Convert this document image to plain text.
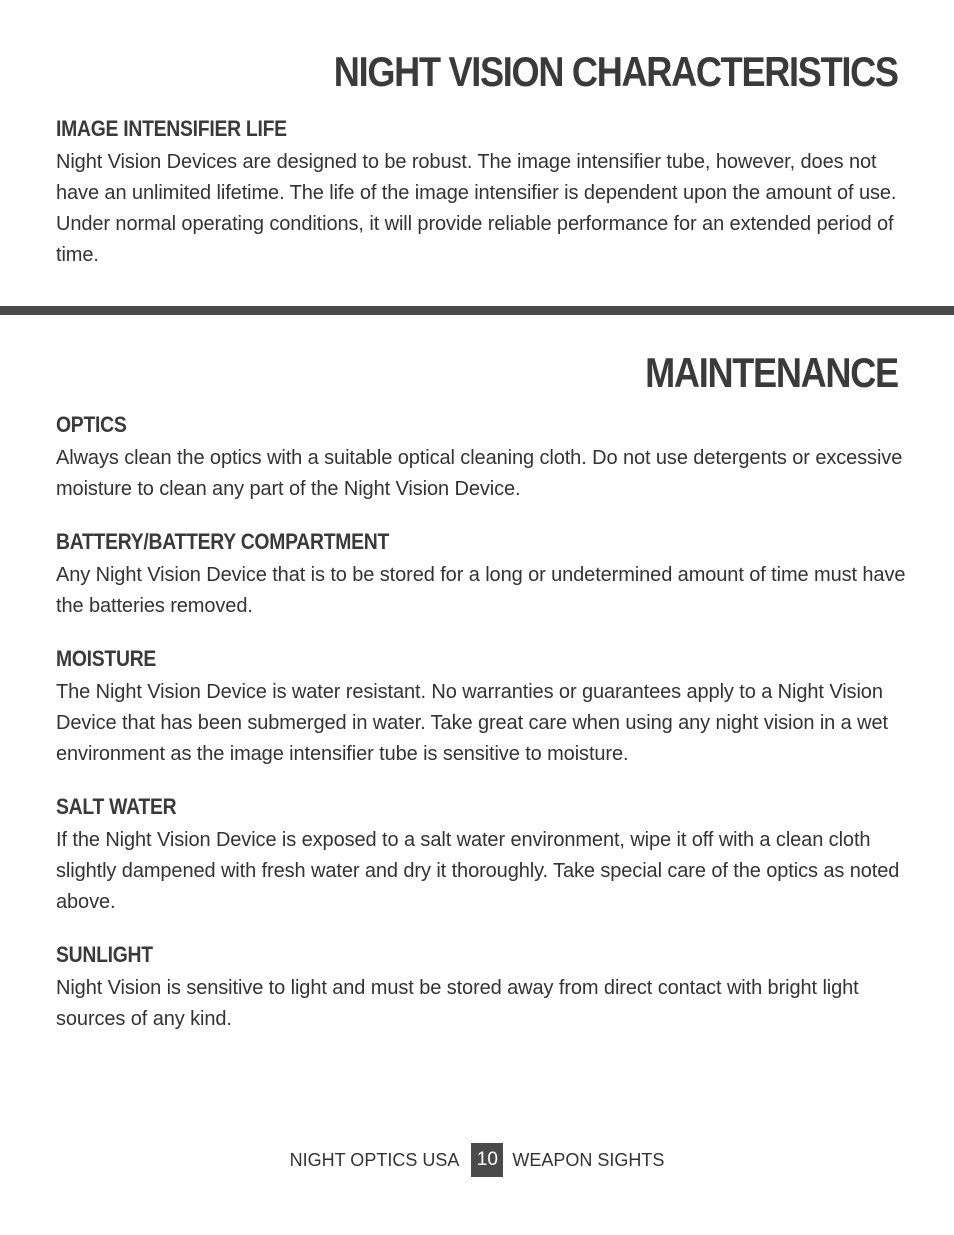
NIGHT VISION CHARACTERISTICS
IMAGE INTENSIFIER LIFE

Night Vision Devices are designed to be robust. The image intensifier tube, however, does not have an unlimited lifetime. The life of the image intensifier is dependent upon the amount of use. Under normal operating conditions, it will provide reliable performance for an extended period of time.

MAINTENANCE
OPTICS

Always clean the optics with a suitable optical cleaning cloth. Do not use detergents or excessive moisture to clean any part of the Night Vision Device.

BATTERY/BATTERY COMPARTMENT

Any Night Vision Device that is to be stored for a long or undetermined amount of time must have the batteries removed.

MOISTURE

The Night Vision Device is water resistant. No warranties or guarantees apply to a Night Vision Device that has been submerged in water. Take great care when using any night vision in a wet environment as the image intensifier tube is sensitive to moisture.

SALT WATER

If the Night Vision Device is exposed to a salt water environment, wipe it off with a clean cloth slightly dampened with fresh water and dry it thoroughly. Take special care of the optics as noted above.

SUNLIGHT

Night Vision is sensitive to light and must be stored away from direct contact with bright light sources of any kind.

NIGHT OPTICS USA 10 WEAPON SIGHTS
